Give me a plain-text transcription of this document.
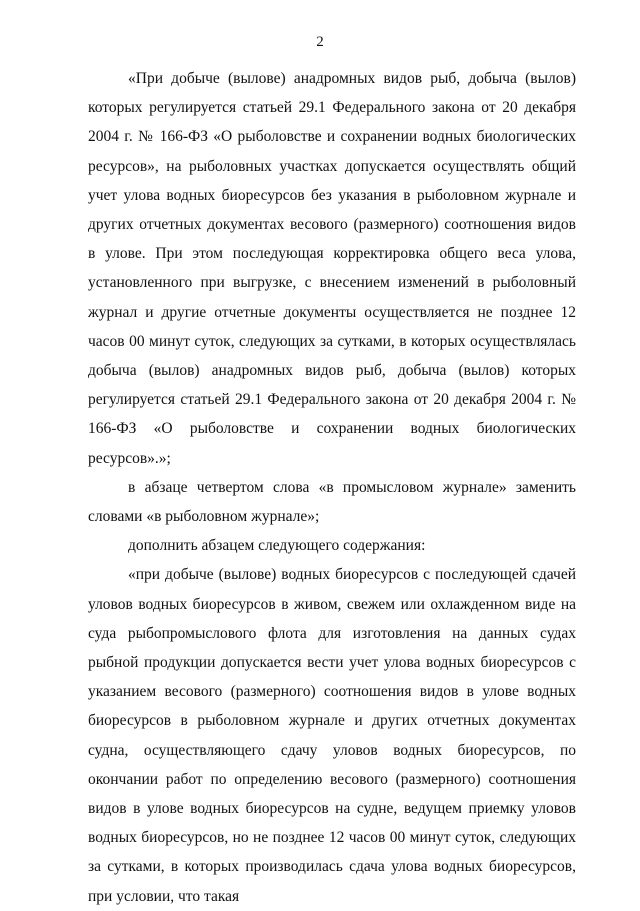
2

«При добыче (вылове) анадромных видов рыб, добыча (вылов) которых регулируется статьей 29.1 Федерального закона от 20 декабря 2004 г. № 166-ФЗ «О рыболовстве и сохранении водных биологических ресурсов», на рыболовных участках допускается осуществлять общий учет улова водных биоресурсов без указания в рыболовном журнале и других отчетных документах весового (размерного) соотношения видов в улове. При этом последующая корректировка общего веса улова, установленного при выгрузке, с внесением изменений в рыболовный журнал и другие отчетные документы осуществляется не позднее 12 часов 00 минут суток, следующих за сутками, в которых осуществлялась добыча (вылов) анадромных видов рыб, добыча (вылов) которых регулируется статьей 29.1 Федерального закона от 20 декабря 2004 г. № 166-ФЗ «О рыболовстве и сохранении водных биологических ресурсов».»;

в абзаце четвертом слова «в промысловом журнале» заменить словами «в рыболовном журнале»;

дополнить абзацем следующего содержания:

«при добыче (вылове) водных биоресурсов с последующей сдачей уловов водных биоресурсов в живом, свежем или охлажденном виде на суда рыбопромыслового флота для изготовления на данных судах рыбной продукции допускается вести учет улова водных биоресурсов с указанием весового (размерного) соотношения видов в улове водных биоресурсов в рыболовном журнале и других отчетных документах судна, осуществляющего сдачу уловов водных биоресурсов, по окончании работ по определению весового (размерного) соотношения видов в улове водных биоресурсов на судне, ведущем приемку уловов водных биоресурсов, но не позднее 12 часов 00 минут суток, следующих за сутками, в которых производилась сдача улова водных биоресурсов, при условии, что такая
